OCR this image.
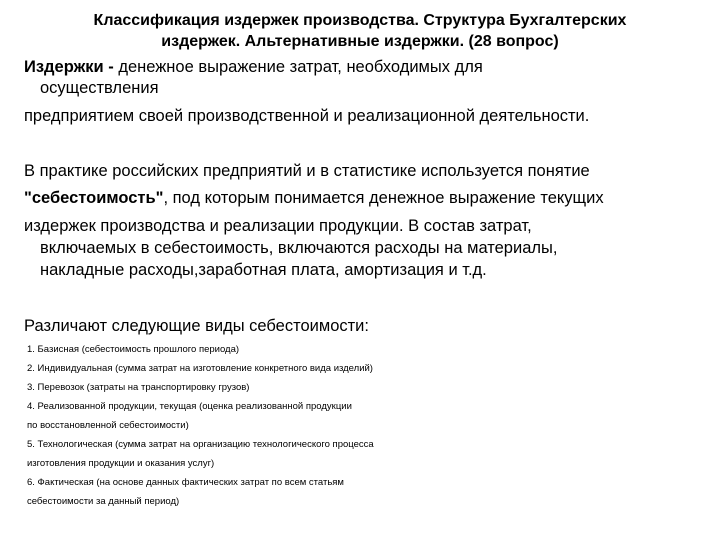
Классификация издержек производства. Структура Бухгалтерских
издержек. Альтернативные издержки. (28 вопрос)
Издержки - денежное выражение затрат, необходимых для
осуществления
предприятием своей производственной и реализационной деятельности.
В практике российских предприятий и в статистике используется понятие
"себестоимость", под которым понимается денежное выражение текущих
издержек производства и реализации продукции. В состав затрат,
включаемых в себестоимость, включаются расходы на материалы,
накладные расходы,заработная плата, амортизация и т.д.
Различают следующие виды себестоимости:
1. Базисная (себестоимость прошлого периода)
2. Индивидуальная (сумма затрат на изготовление конкретного вида изделий)
3. Перевозок (затраты на транспортировку грузов)
4. Реализованной продукции, текущая (оценка реализованной продукции
по восстановленной себестоимости)
5. Технологическая (сумма затрат на организацию технологического процесса
изготовления продукции и оказания услуг)
6. Фактическая (на основе данных фактических затрат по всем статьям
себестоимости за данный период)
